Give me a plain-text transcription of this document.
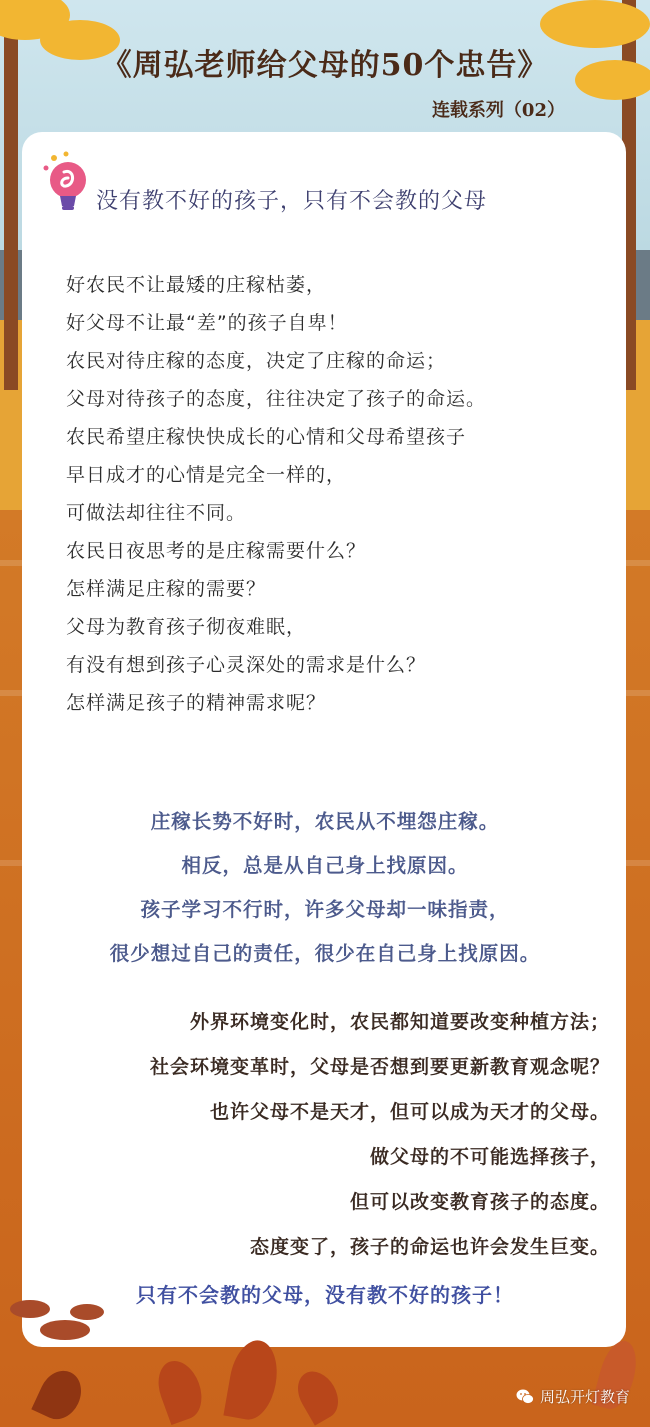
《周弘老师给父母的50个忠告》
连载系列（02）
没有教不好的孩子，只有不会教的父母
好农民不让最矮的庄稼枯萎，
好父母不让最“差”的孩子自卑！
农民对待庄稼的态度，决定了庄稼的命运；
父母对待孩子的态度，往往决定了孩子的命运。
农民希望庄稼快快成长的心情和父母希望孩子
早日成才的心情是完全一样的，
可做法却往往不同。
农民日夜思考的是庄稼需要什么？
怎样满足庄稼的需要？
父母为教育孩子彻夜难眠，
有没有想到孩子心灵深处的需求是什么？
怎样满足孩子的精神需求呢？
庄稼长势不好时，农民从不埋怨庄稼。
相反，总是从自己身上找原因。
孩子学习不行时，许多父母却一味指责，
很少想过自己的责任，很少在自己身上找原因。
外界环境变化时，农民都知道要改变种植方法；
社会环境变革时，父母是否想到要更新教育观念呢？
也许父母不是天才，但可以成为天才的父母。
做父母的不可能选择孩子，
但可以改变教育孩子的态度。
态度变了，孩子的命运也许会发生巨变。
只有不会教的父母，没有教不好的孩子！
周弘开灯教育
